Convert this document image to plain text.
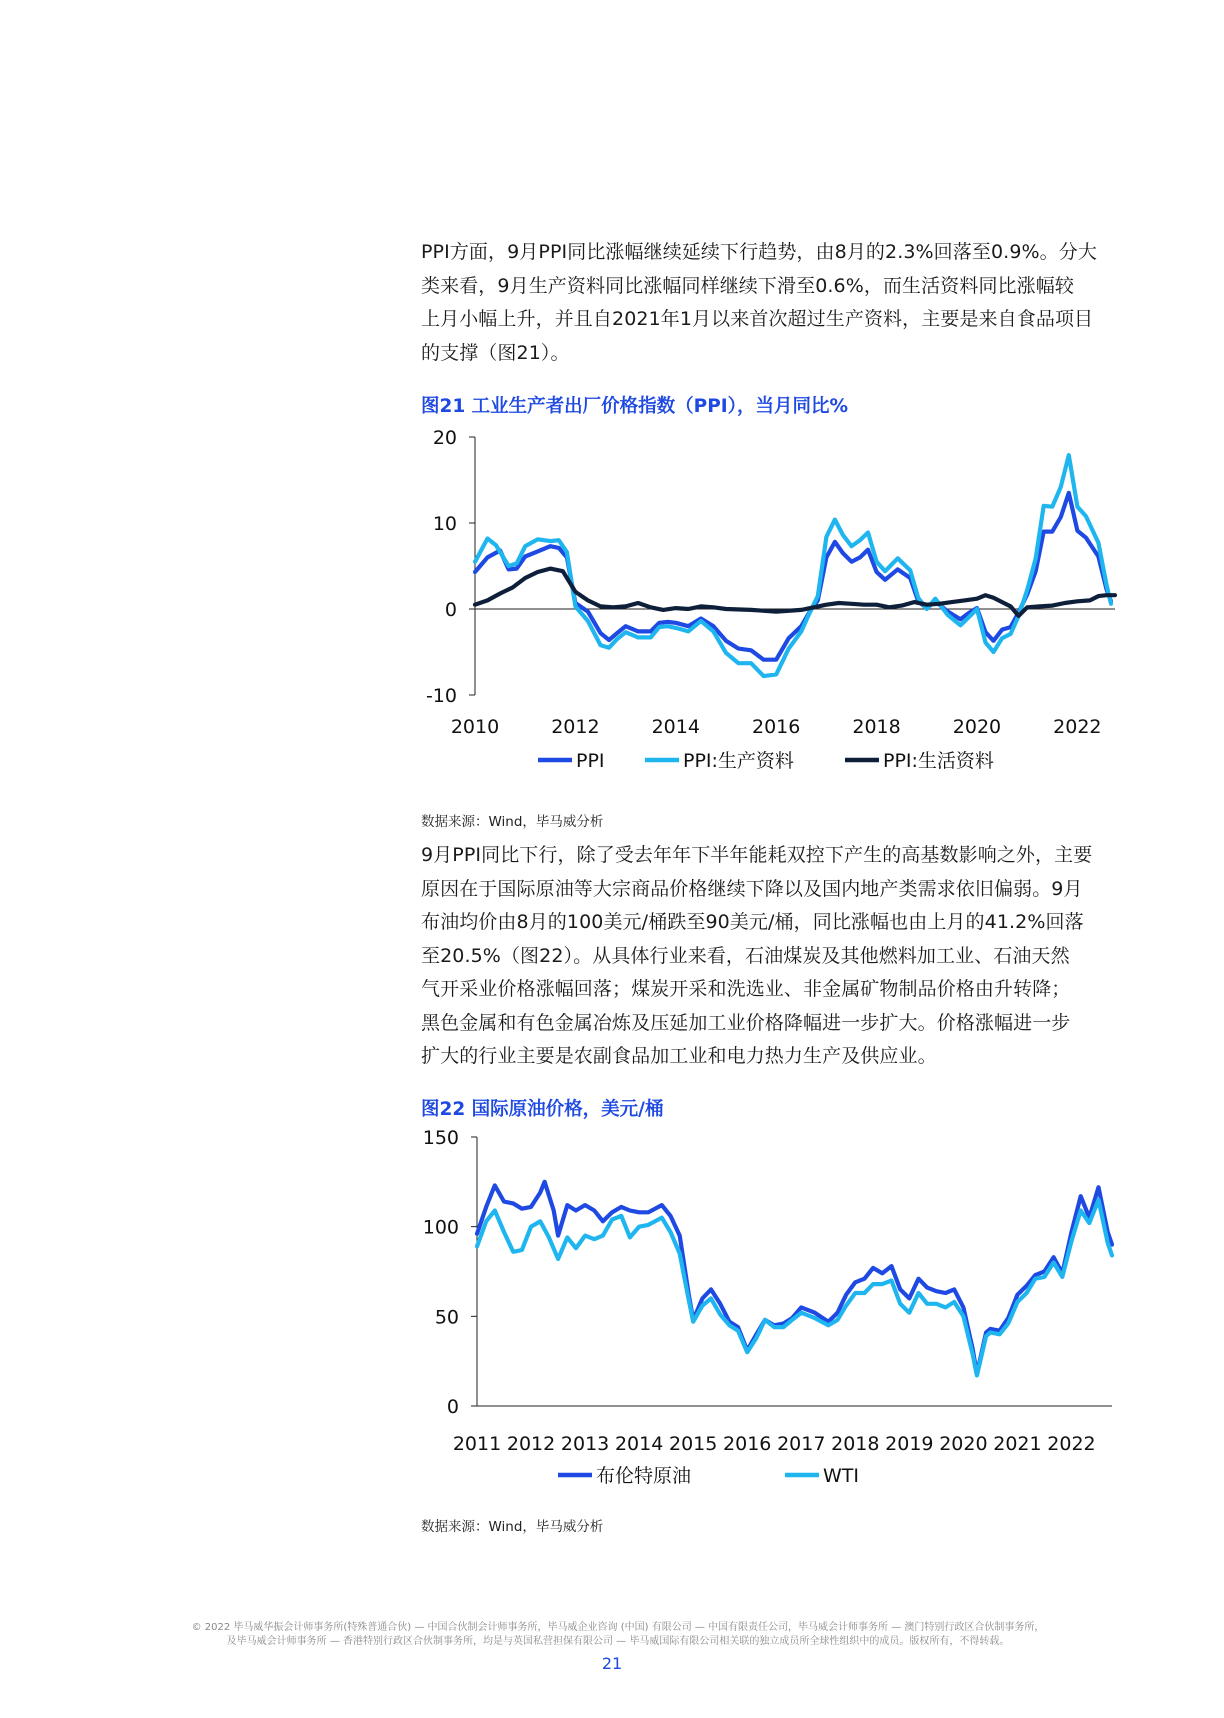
PPI方面，9月PPI同比涨幅继续延续下行趋势，由8月的2.3%回落至0.9%。分大
类来看，9月生产资料同比涨幅同样继续下滑至0.6%，而生活资料同比涨幅较
上月小幅上升，并且自2021年1月以来首次超过生产资料，主要是来自食品项目
的支撑（图21）。
图21 工业生产者出厂价格指数（PPI），当月同比%
-10
0
10
20
2010	2012	2014	2016	2018	2020	2022
PPI	PPI:生产资料	PPI:生活资料
数据来源：Wind，毕马威分析
9月PPI同比下行，除了受去年年下半年能耗双控下产生的高基数影响之外，主要
原因在于国际原油等大宗商品价格继续下降以及国内地产类需求依旧偏弱。9月
布油均价由8月的100美元/桶跌至90美元/桶，同比涨幅也由上月的41.2%回落
至20.5%（图22）。从具体行业来看，石油煤炭及其他燃料加工业、石油天然
气开采业价格涨幅回落；煤炭开采和洗选业、非金属矿物制品价格由升转降；
黑色金属和有色金属冶炼及压延加工业价格降幅进一步扩大。价格涨幅进一步
扩大的行业主要是农副食品加工业和电力热力生产及供应业。
图22 国际原油价格，美元/桶
0
50
100
150
2011 2012 2013 2014 2015 2016 2017 2018 2019 2020 2021 2022
布伦特原油	WTI
数据来源：Wind，毕马威分析
© 2022 毕马威华振会计师事务所(特殊普通合伙) — 中国合伙制会计师事务所，毕马威企业咨询 (中国) 有限公司 — 中国有限责任公司，毕马威会计师事务所 — 澳门特别行政区合伙制事务所，
及毕马威会计师事务所 — 香港特别行政区合伙制事务所，均是与英国私营担保有限公司 — 毕马威国际有限公司相关联的独立成员所全球性组织中的成员。版权所有，不得转载。
21
